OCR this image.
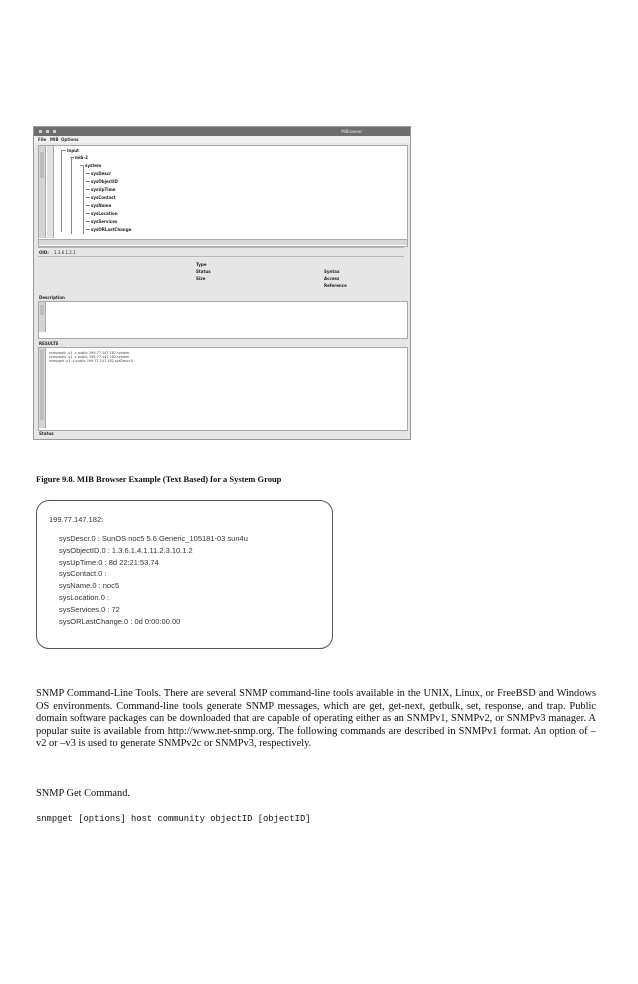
MiBrowser
File MIB Options
Input
mib-2
system
sysDescr
sysObjectID
sysUpTime
sysContact
sysName
sysLocation
sysServices
sysORLastChange
OID: 1.3.6.1.2.1
Type
Status
Size
Syntax
Access
Reference
Description
RESULTS
snmpwalk -v1 -c public 199.77.147.182 system
snmpwalk -v1 -c public 199.77.147.182 system
snmpget -v1 -c public 199.77.147.182 sysDescr.0
Status
Figure 9.8. MIB Browser Example (Text Based) for a System Group
199.77.147.182:
sysDescr.0 : SunOS noc5 5.6 Generic_105181-03 sun4u
sysObjectID.0 : 1.3.6.1.4.1.11.2.3.10.1.2
sysUpTime.0 : 8d 22:21:53.74
sysContact.0 :
sysName.0 : noc5
sysLocation.0 :
sysServices.0 : 72
sysORLastChange.0 : 0d 0:00:00.00

SNMP Command-Line Tools. There are several SNMP command-line tools available in the UNIX, Linux, or FreeBSD and Windows OS environments. Command-line tools generate SNMP messages, which are get, get-next, getbulk, set, response, and trap. Public domain software packages can be downloaded that are capable of operating either as an SNMPv1, SNMPv2, or SNMPv3 manager. A popular suite is available from http://www.net-snmp.org. The following commands are described in SNMPv1 format. An option of –v2 or –v3 is used to generate SNMPv2c or SNMPv3, respectively.

SNMP Get Command.

snmpget [options] host community objectID [objectID]
